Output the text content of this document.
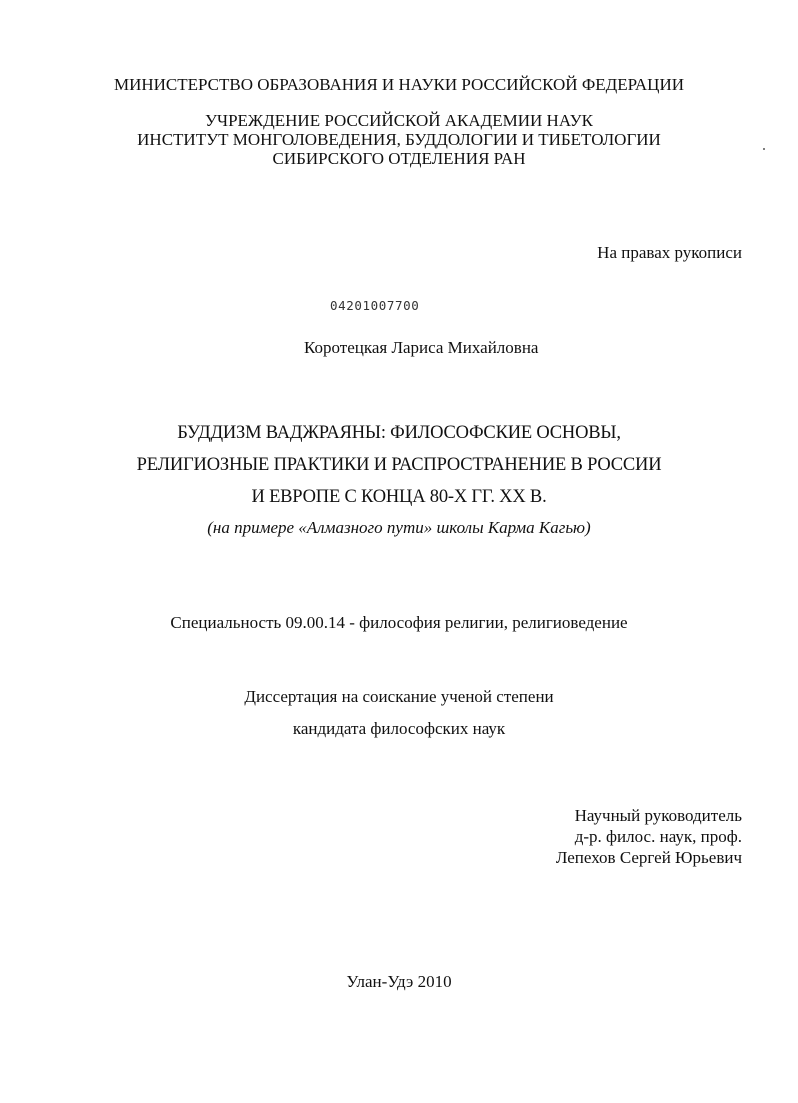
МИНИСТЕРСТВО ОБРАЗОВАНИЯ И НАУКИ РОССИЙСКОЙ ФЕДЕРАЦИИ
УЧРЕЖДЕНИЕ РОССИЙСКОЙ АКАДЕМИИ НАУК
ИНСТИТУТ МОНГОЛОВЕДЕНИЯ, БУДДОЛОГИИ И ТИБЕТОЛОГИИ
СИБИРСКОГО ОТДЕЛЕНИЯ РАН
На правах рукописи
04201007700
Коротецкая Лариса Михайловна
БУДДИЗМ ВАДЖРАЯНЫ: ФИЛОСОФСКИЕ ОСНОВЫ,
РЕЛИГИОЗНЫЕ ПРАКТИКИ И РАСПРОСТРАНЕНИЕ В РОССИИ
И ЕВРОПЕ С КОНЦА 80-Х ГГ. XX В.
(на примере «Алмазного пути» школы Карма Кагью)
Специальность 09.00.14 - философия религии, религиоведение
Диссертация на соискание ученой степени
кандидата философских наук
Научный руководитель
д-р. филос. наук, проф.
Лепехов Сергей Юрьевич
Улан-Удэ 2010
